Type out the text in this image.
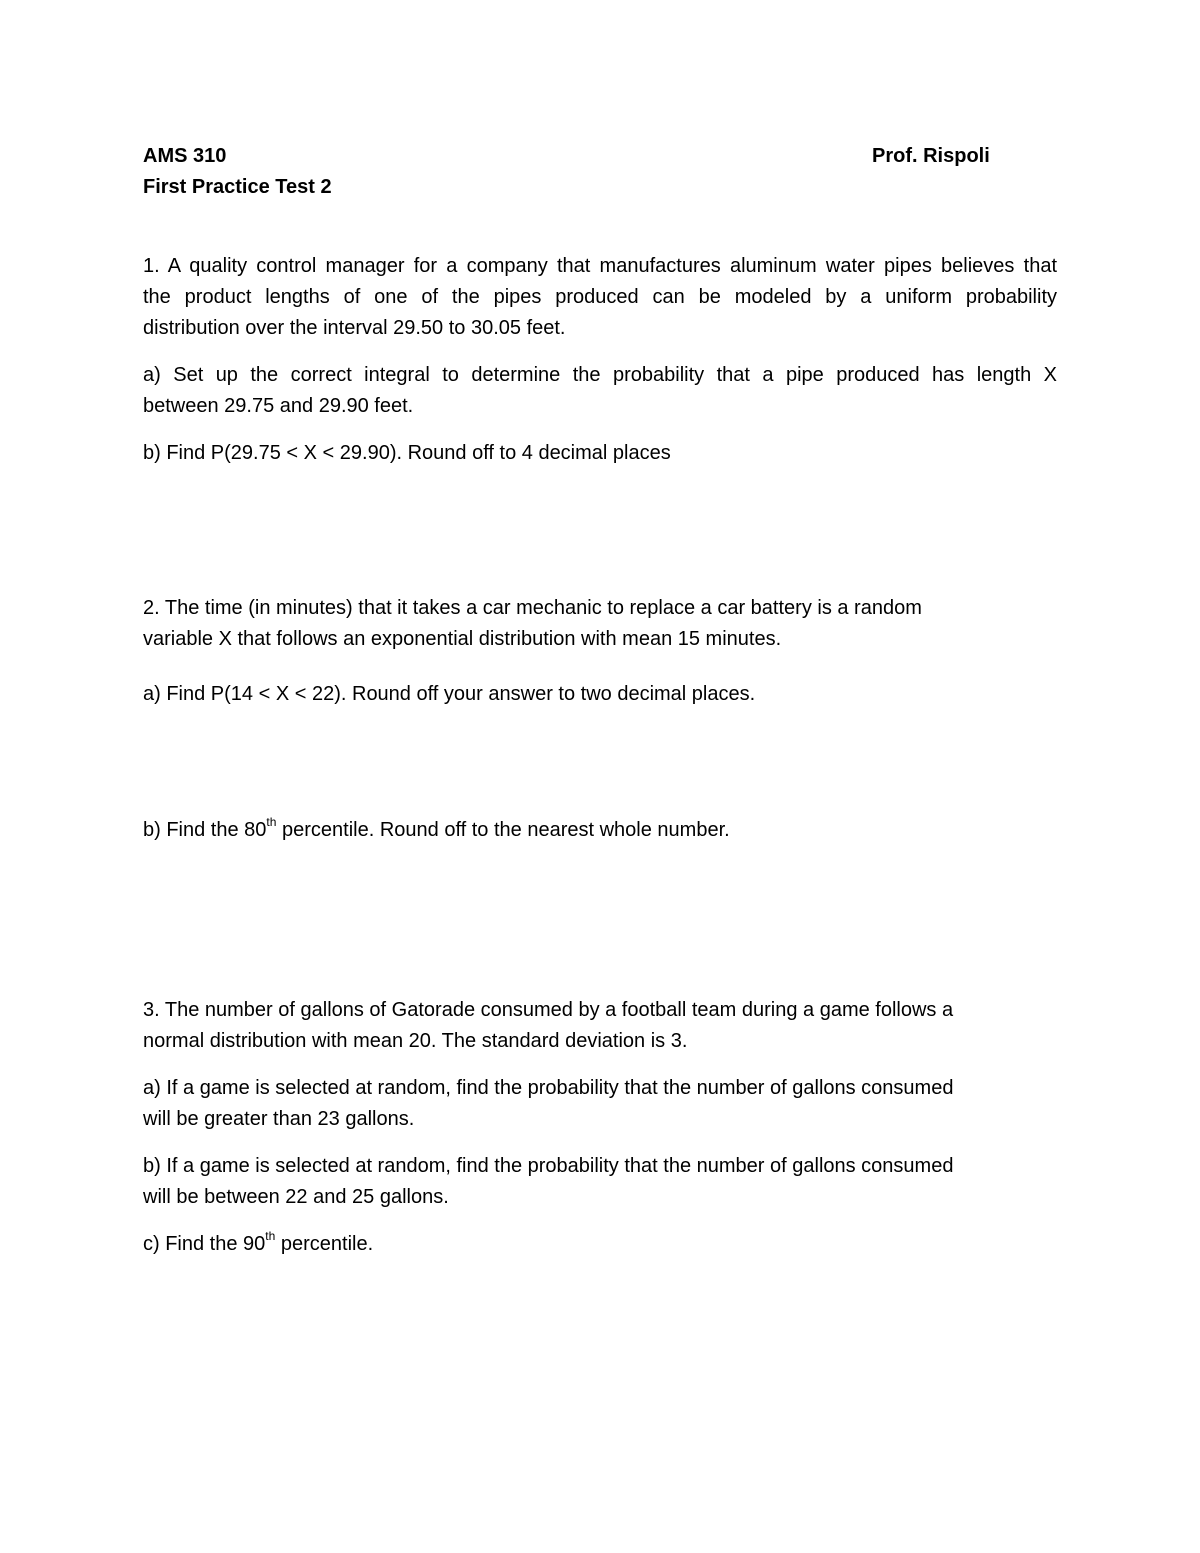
AMS 310	Prof. Rispoli
First Practice Test 2
1. A quality control manager for a company that manufactures aluminum water pipes believes that
the product lengths of one of the pipes produced can be modeled by a uniform probability
distribution over the interval 29.50 to 30.05 feet.
a) Set up the correct integral to determine the probability that a pipe produced has length X
between 29.75 and 29.90 feet.
b) Find P(29.75 < X < 29.90). Round off to 4 decimal places
2. The time (in minutes) that it takes a car mechanic to replace a car battery is a random
variable X that follows an exponential distribution with mean 15 minutes.
a) Find P(14 < X < 22). Round off your answer to two decimal places.
b) Find the 80th percentile. Round off to the nearest whole number.
3. The number of gallons of Gatorade consumed by a football team during a game follows a
normal distribution with mean 20. The standard deviation is 3.
a) If a game is selected at random, find the probability that the number of gallons consumed
will be greater than 23 gallons.
b) If a game is selected at random, find the probability that the number of gallons consumed
will be between 22 and 25 gallons.
c) Find the 90th percentile.
